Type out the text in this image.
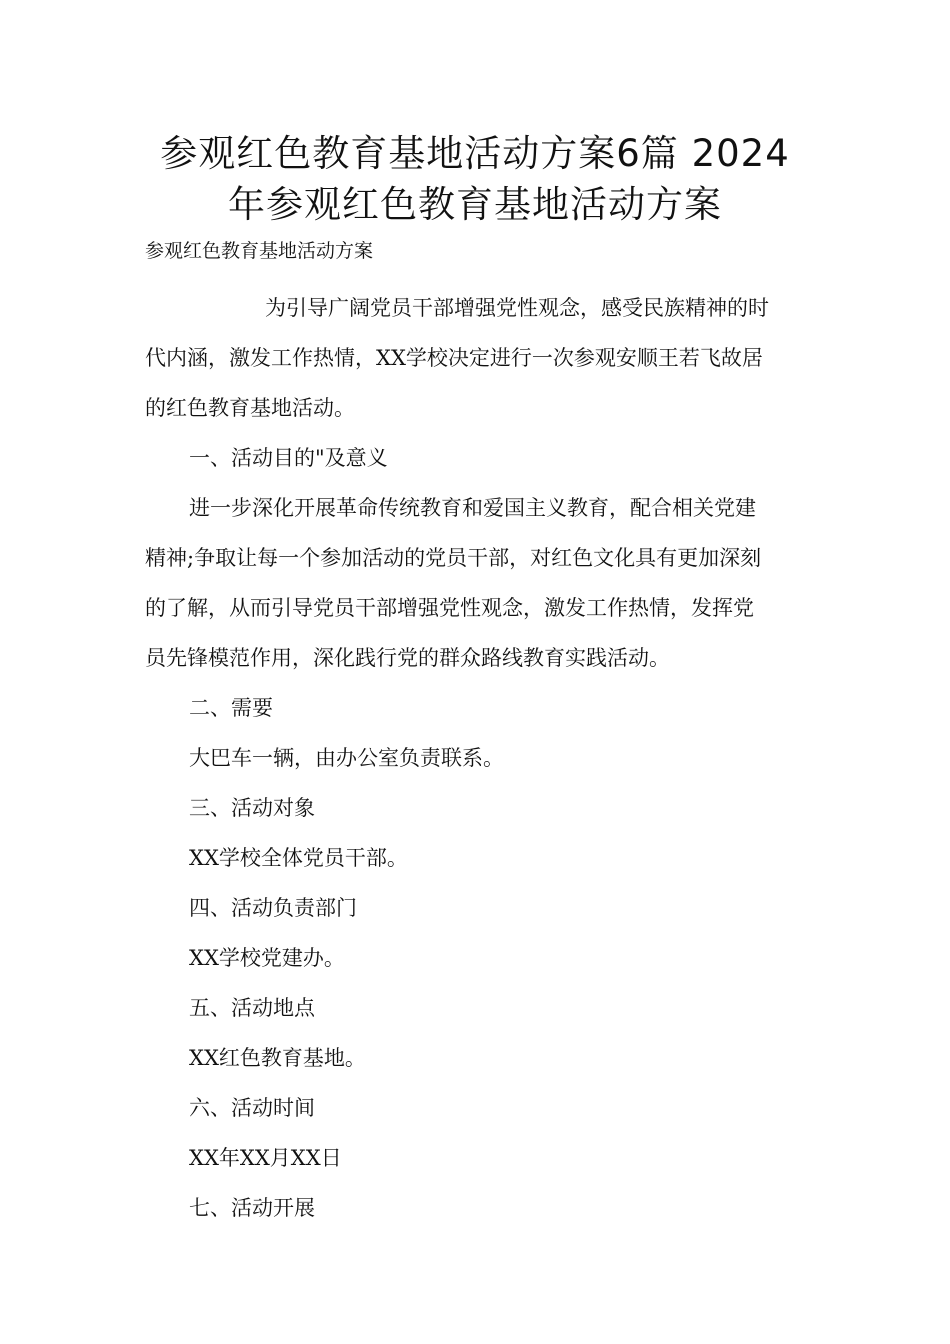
参观红色教育基地活动方案6篇 2024
年参观红色教育基地活动方案
参观红色教育基地活动方案

为引导广阔党员干部增强党性观念，感受民族精神的时

代内涵，激发工作热情，XX学校决定进行一次参观安顺王若飞故居

的红色教育基地活动。

一、活动目的"及意义

进一步深化开展革命传统教育和爱国主义教育，配合相关党建

精神;争取让每一个参加活动的党员干部，对红色文化具有更加深刻

的了解，从而引导党员干部增强党性观念，激发工作热情，发挥党

员先锋模范作用，深化践行党的群众路线教育实践活动。

二、需要

大巴车一辆，由办公室负责联系。

三、活动对象

XX学校全体党员干部。

四、活动负责部门

XX学校党建办。

五、活动地点

XX红色教育基地。

六、活动时间

XX年XX月XX日

七、活动开展
